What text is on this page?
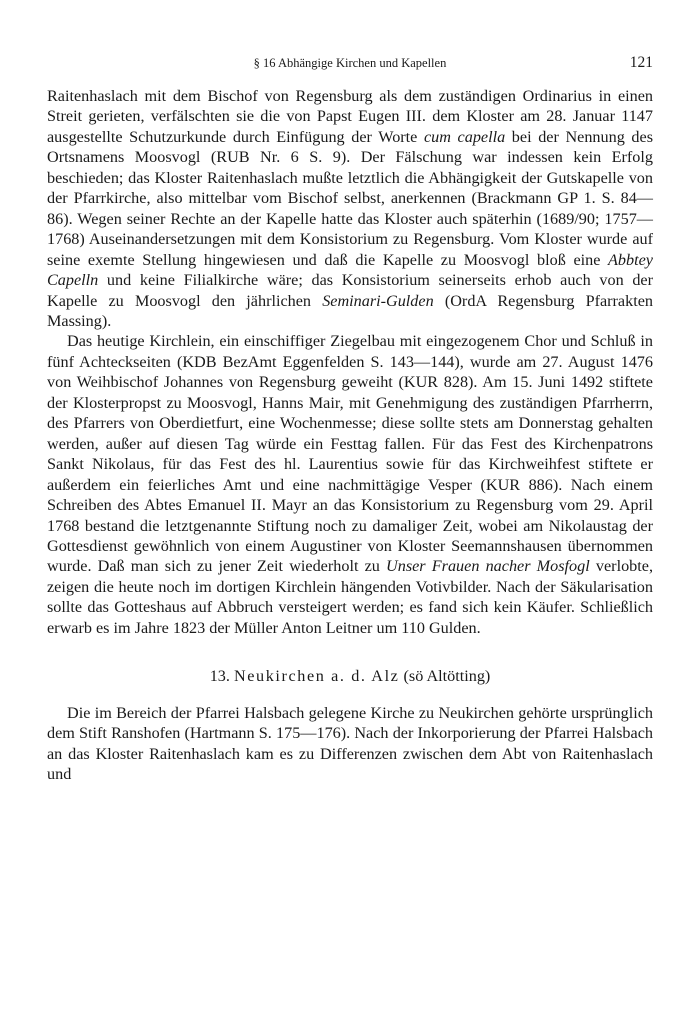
§ 16 Abhängige Kirchen und Kapellen	121

Raitenhaslach mit dem Bischof von Regensburg als dem zuständigen Ordinarius in einen Streit gerieten, verfälschten sie die von Papst Eugen III. dem Kloster am 28. Januar 1147 ausgestellte Schutzurkunde durch Einfügung der Worte cum capella bei der Nennung des Ortsnamens Moosvogl (RUB Nr. 6 S. 9). Der Fälschung war indessen kein Erfolg beschieden; das Kloster Raitenhaslach mußte letztlich die Abhängigkeit der Gutskapelle von der Pfarrkirche, also mittelbar vom Bischof selbst, anerkennen (Brackmann GP 1. S. 84—86). Wegen seiner Rechte an der Kapelle hatte das Kloster auch späterhin (1689/90; 1757—1768) Auseinandersetzungen mit dem Konsistorium zu Regensburg. Vom Kloster wurde auf seine exemte Stellung hingewiesen und daß die Kapelle zu Moosvogl bloß eine Abbtey Capelln und keine Filialkirche wäre; das Konsistorium seinerseits erhob auch von der Kapelle zu Moosvogl den jährlichen Seminari-Gulden (OrdA Regensburg Pfarrakten Massing).

Das heutige Kirchlein, ein einschiffiger Ziegelbau mit eingezogenem Chor und Schluß in fünf Achteckseiten (KDB BezAmt Eggenfelden S. 143—144), wurde am 27. August 1476 von Weihbischof Johannes von Regensburg geweiht (KUR 828). Am 15. Juni 1492 stiftete der Klosterpropst zu Moosvogl, Hanns Mair, mit Genehmigung des zuständigen Pfarrherrn, des Pfarrers von Oberdietfurt, eine Wochenmesse; diese sollte stets am Donnerstag gehalten werden, außer auf diesen Tag würde ein Festtag fallen. Für das Fest des Kirchenpatrons Sankt Nikolaus, für das Fest des hl. Laurentius sowie für das Kirchweihfest stiftete er außerdem ein feierliches Amt und eine nachmittägige Vesper (KUR 886). Nach einem Schreiben des Abtes Emanuel II. Mayr an das Konsistorium zu Regensburg vom 29. April 1768 bestand die letztgenannte Stiftung noch zu damaliger Zeit, wobei am Nikolaustag der Gottesdienst gewöhnlich von einem Augustiner von Kloster Seemannshausen übernommen wurde. Daß man sich zu jener Zeit wiederholt zu Unser Frauen nacher Mosfogl verlobte, zeigen die heute noch im dortigen Kirchlein hängenden Votivbilder. Nach der Säkularisation sollte das Gotteshaus auf Abbruch versteigert werden; es fand sich kein Käufer. Schließlich erwarb es im Jahre 1823 der Müller Anton Leitner um 110 Gulden.

13. Neukirchen a. d. Alz (sö Altötting)

Die im Bereich der Pfarrei Halsbach gelegene Kirche zu Neukirchen gehörte ursprünglich dem Stift Ranshofen (Hartmann S. 175—176). Nach der Inkorporierung der Pfarrei Halsbach an das Kloster Raitenhaslach kam es zu Differenzen zwischen dem Abt von Raitenhaslach und
